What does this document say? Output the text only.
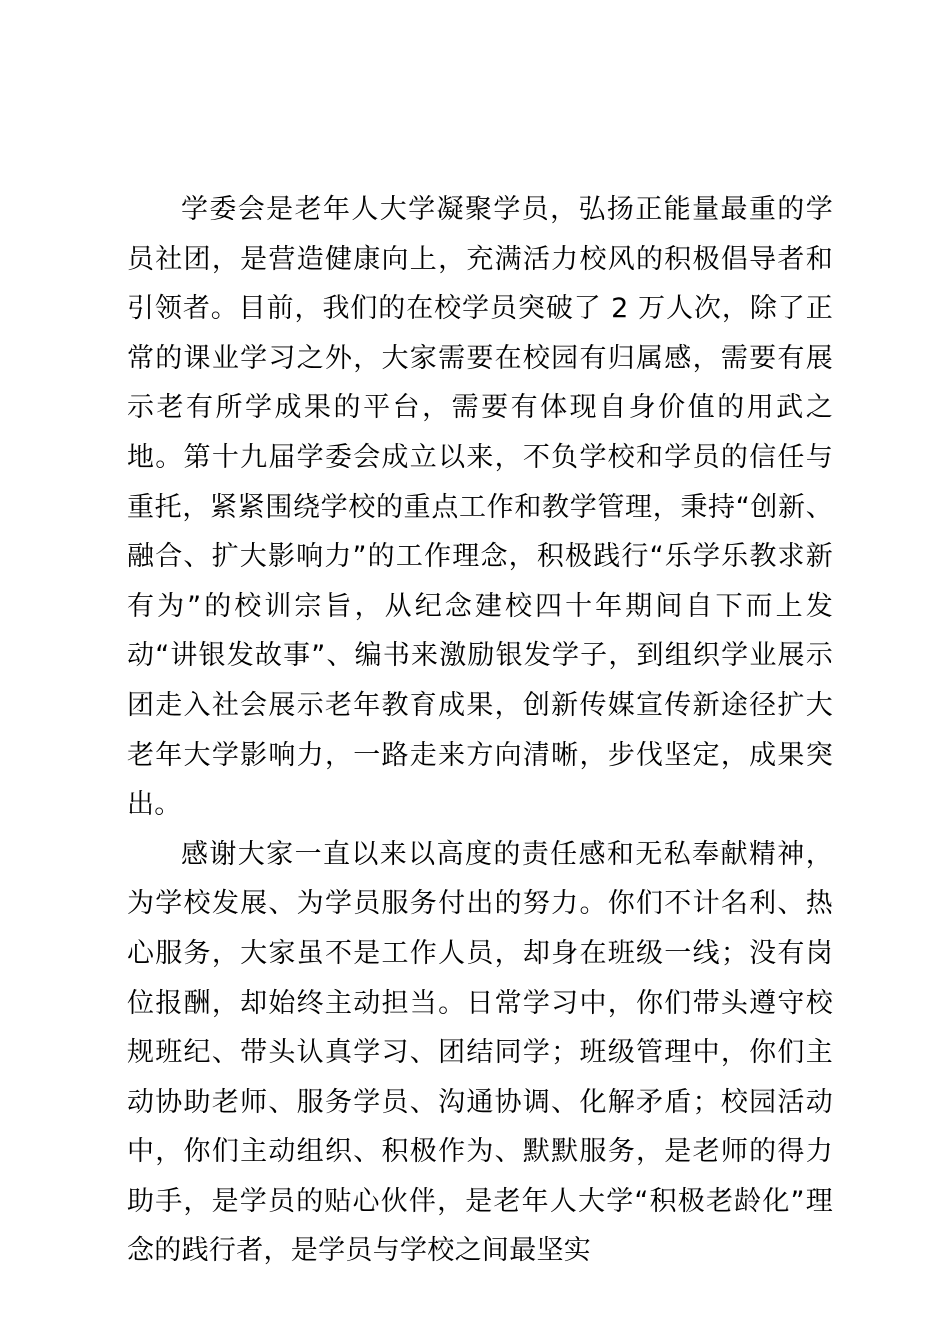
学委会是老年人大学凝聚学员，弘扬正能量最重的学员社团，是营造健康向上，充满活力校风的积极倡导者和引领者。目前，我们的在校学员突破了 2 万人次，除了正常的课业学习之外，大家需要在校园有归属感，需要有展示老有所学成果的平台，需要有体现自身价值的用武之地。第十九届学委会成立以来，不负学校和学员的信任与重托，紧紧围绕学校的重点工作和教学管理，秉持“创新、融合、扩大影响力”的工作理念，积极践行“乐学乐教求新有为”的校训宗旨，从纪念建校四十年期间自下而上发动“讲银发故事”、编书来激励银发学子，到组织学业展示团走入社会展示老年教育成果，创新传媒宣传新途径扩大老年大学影响力，一路走来方向清晰，步伐坚定，成果突出。

感谢大家一直以来以高度的责任感和无私奉献精神，为学校发展、为学员服务付出的努力。你们不计名利、热心服务，大家虽不是工作人员，却身在班级一线；没有岗位报酬，却始终主动担当。日常学习中，你们带头遵守校规班纪、带头认真学习、团结同学；班级管理中，你们主动协助老师、服务学员、沟通协调、化解矛盾；校园活动中，你们主动组织、积极作为、默默服务，是老师的得力助手，是学员的贴心伙伴，是老年人大学“积极老龄化”理念的践行者，是学员与学校之间最坚实
